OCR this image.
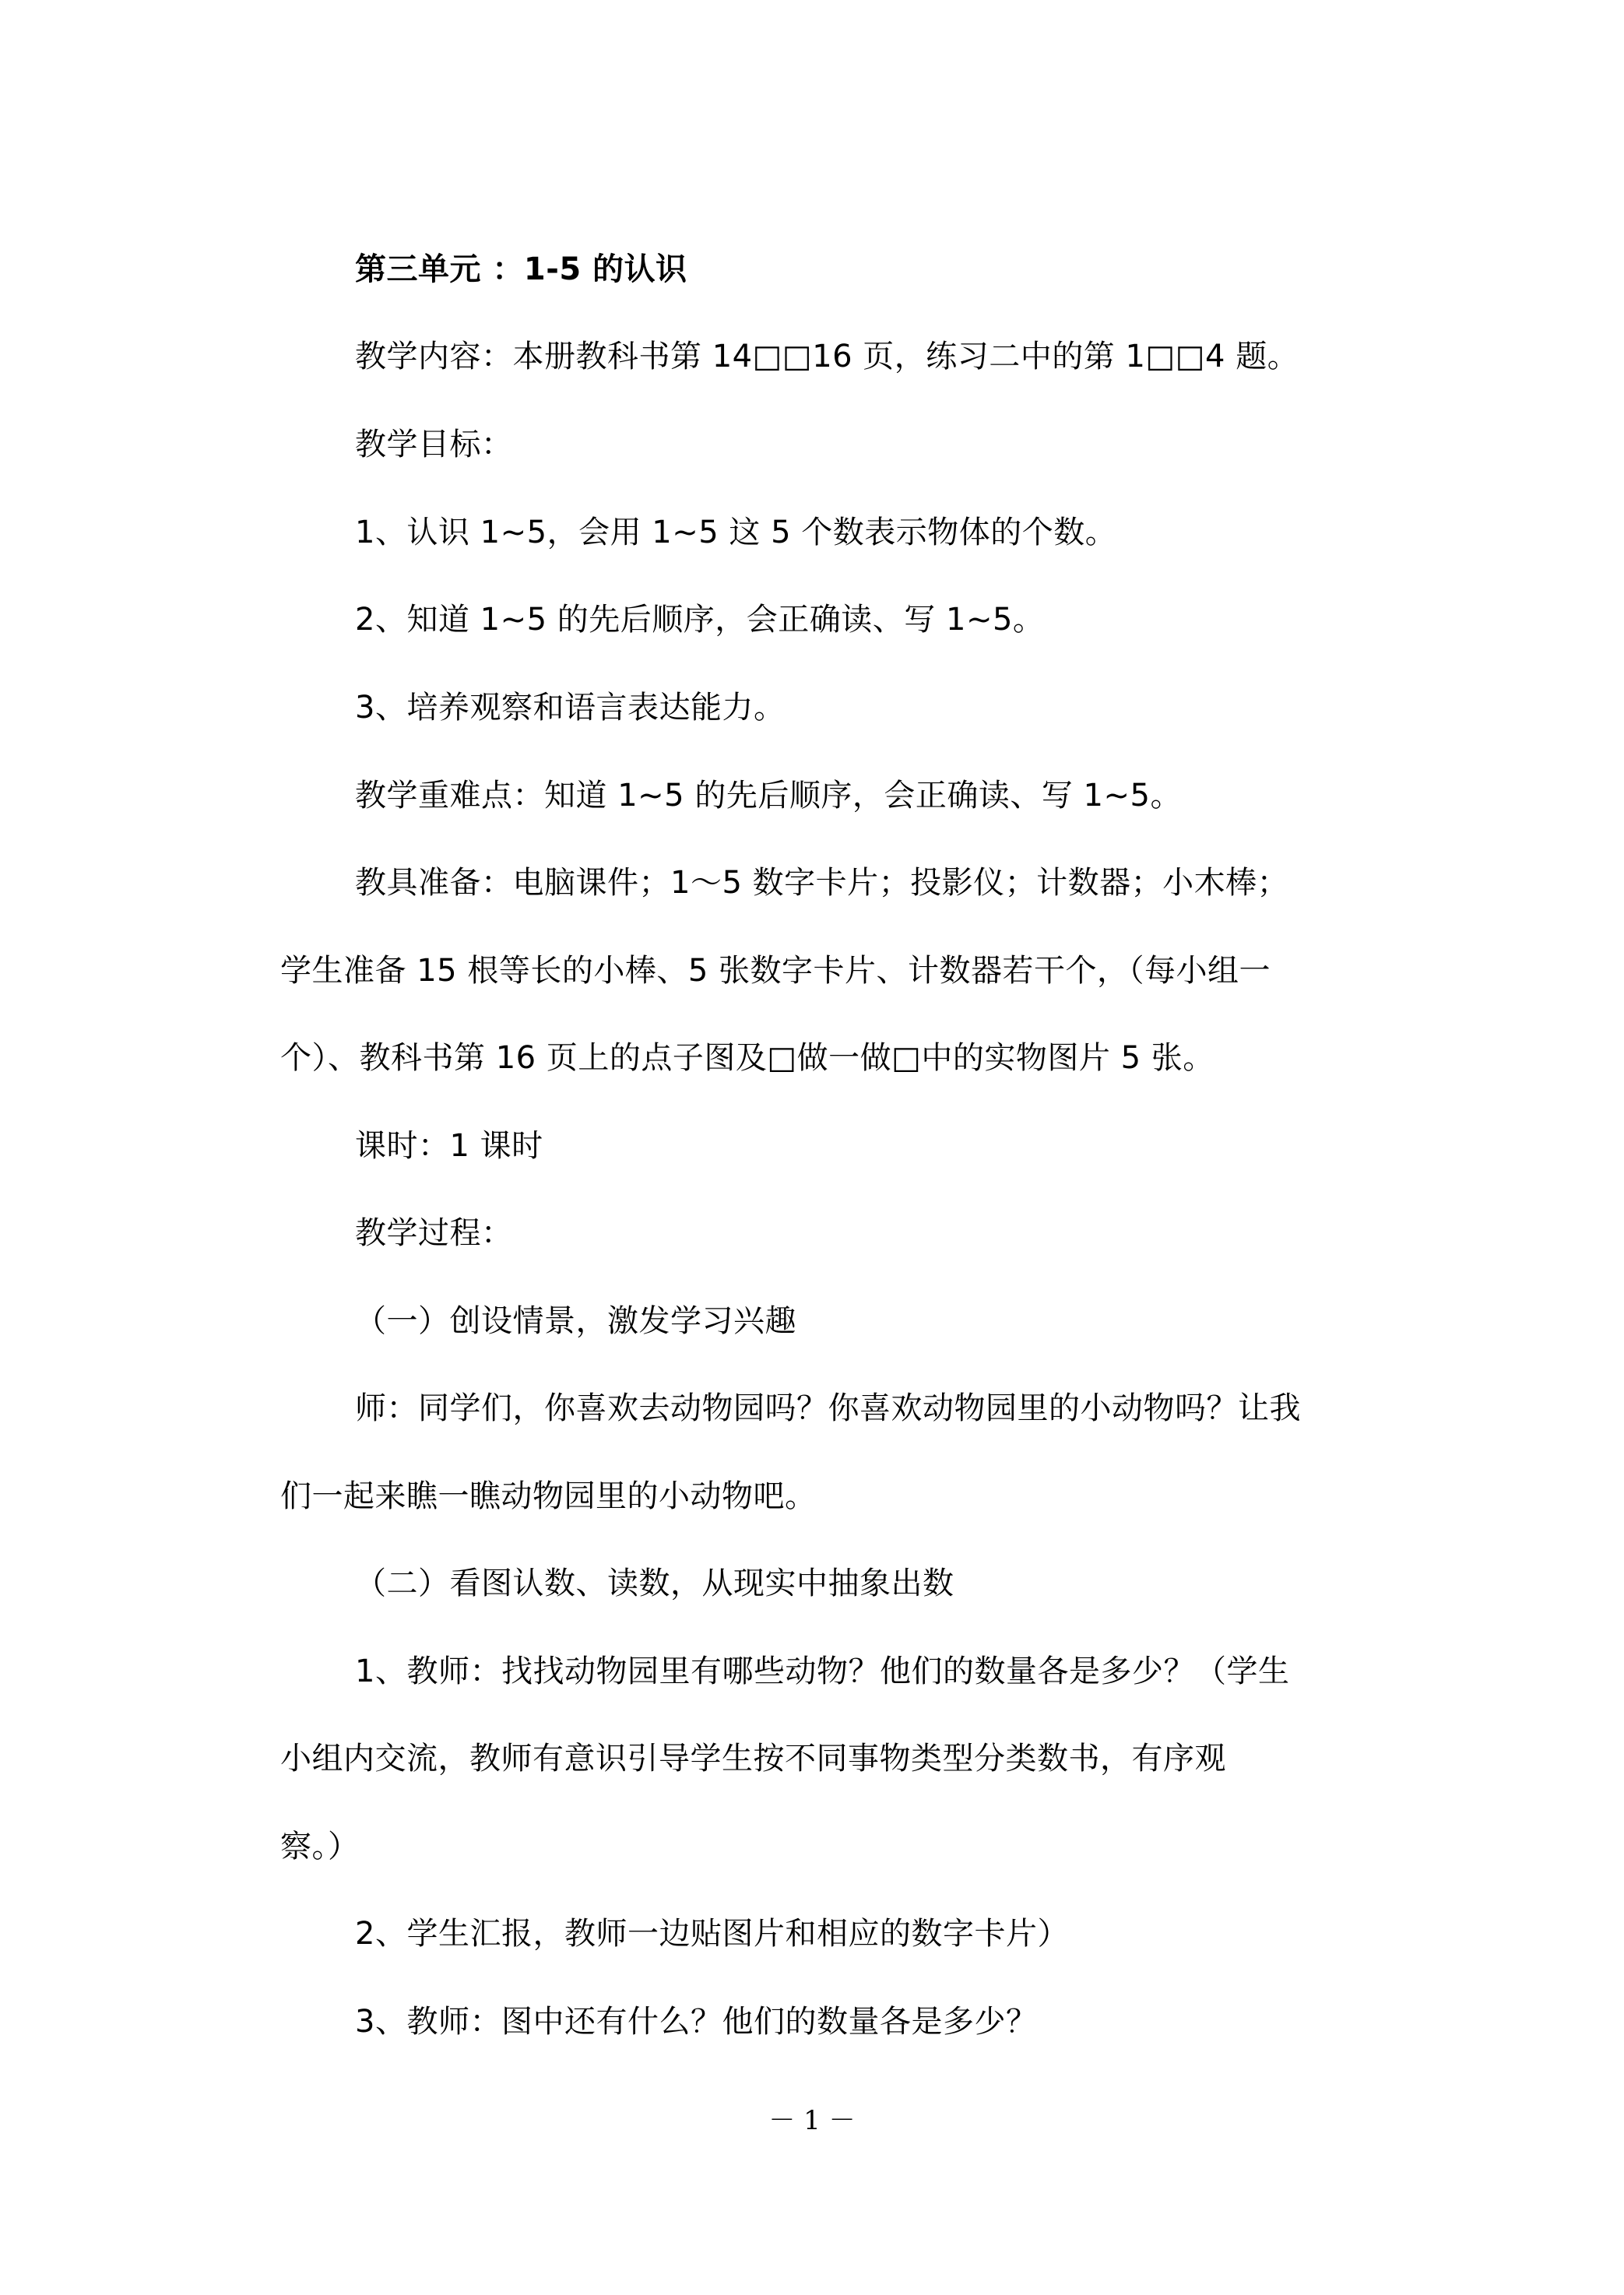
第三单元 ：1-5 的认识
教学内容：本册教科书第 14□□16 页，练习二中的第 1□□4 题。
教学目标：
1、认识 1~5，会用 1~5 这 5 个数表示物体的个数。
2、知道 1~5 的先后顺序，会正确读、写 1~5。
3、培养观察和语言表达能力。
教学重难点：知道 1~5 的先后顺序，会正确读、写 1~5。
教具准备：电脑课件；1～5 数字卡片；投影仪；计数器；小木棒；
学生准备 15 根等长的小棒、5 张数字卡片、计数器若干个，（每小组一
个）、教科书第 16 页上的点子图及□做一做□中的实物图片 5 张。
课时：1 课时
教学过程：
（一）创设情景，激发学习兴趣
师：同学们，你喜欢去动物园吗？你喜欢动物园里的小动物吗？让我
们一起来瞧一瞧动物园里的小动物吧。
（二）看图认数、读数，从现实中抽象出数
1、教师：找找动物园里有哪些动物？他们的数量各是多少？（学生
小组内交流，教师有意识引导学生按不同事物类型分类数书，有序观
察。）
2、学生汇报，教师一边贴图片和相应的数字卡片）
3、教师：图中还有什么？他们的数量各是多少？
－ 1 －
